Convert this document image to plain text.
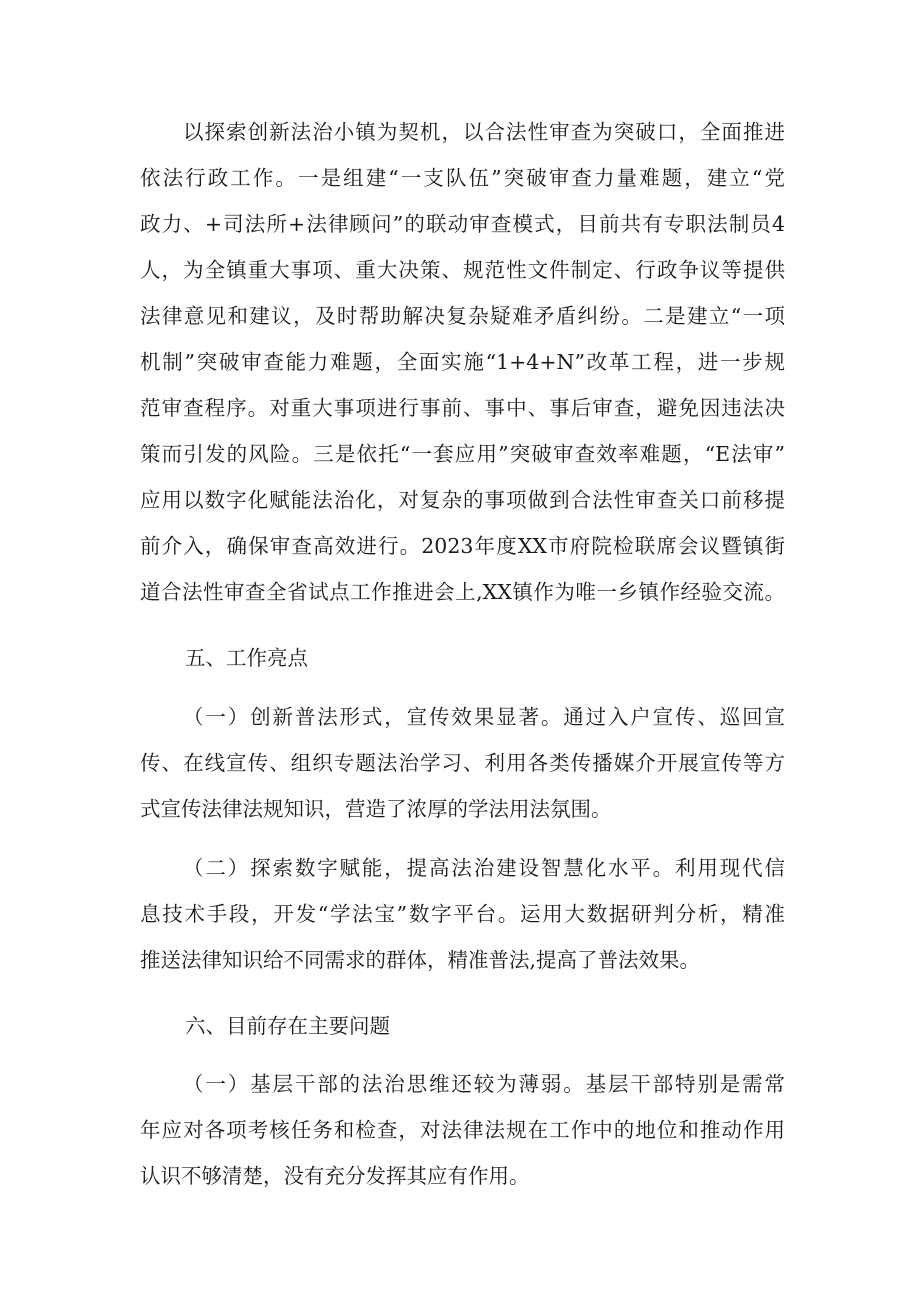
以探索创新法治小镇为契机，以合法性审查为突破口，全面推进
依法行政工作。一是组建“一支队伍”突破审查力量难题，建立“党
政力、+司法所+法律顾问”的联动审查模式，目前共有专职法制员4
人，为全镇重大事项、重大决策、规范性文件制定、行政争议等提供
法律意见和建议，及时帮助解决复杂疑难矛盾纠纷。二是建立“一项
机制”突破审查能力难题，全面实施“1+4+N”改革工程，进一步规
范审查程序。对重大事项进行事前、事中、事后审查，避免因违法决
策而引发的风险。三是依托“一套应用”突破审查效率难题，“E法审”
应用以数字化赋能法治化，对复杂的事项做到合法性审查关口前移提
前介入，确保审查高效进行。2023年度XX市府院检联席会议暨镇街
道合法性审查全省试点工作推进会上,XX镇作为唯一乡镇作经验交流。
五、工作亮点
（一）创新普法形式，宣传效果显著。通过入户宣传、巡回宣
传、在线宣传、组织专题法治学习、利用各类传播媒介开展宣传等方
式宣传法律法规知识，营造了浓厚的学法用法氛围。
（二）探索数字赋能，提高法治建设智慧化水平。利用现代信
息技术手段，开发“学法宝”数字平台。运用大数据研判分析，精准
推送法律知识给不同需求的群体，精准普法,提高了普法效果。
六、目前存在主要问题
（一）基层干部的法治思维还较为薄弱。基层干部特别是需常
年应对各项考核任务和检查，对法律法规在工作中的地位和推动作用
认识不够清楚，没有充分发挥其应有作用。
